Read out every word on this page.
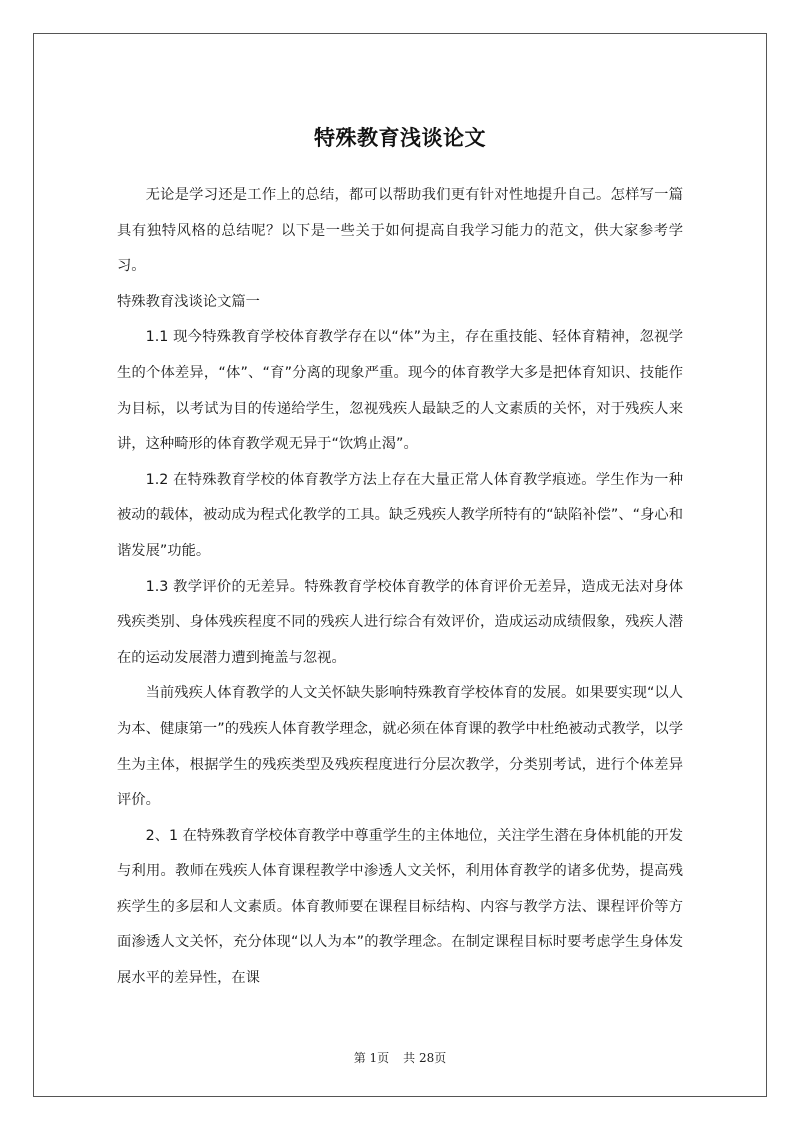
特殊教育浅谈论文

无论是学习还是工作上的总结，都可以帮助我们更有针对性地提升自己。怎样写一篇具有独特风格的总结呢？以下是一些关于如何提高自我学习能力的范文，供大家参考学习。

特殊教育浅谈论文篇一

1.1 现今特殊教育学校体育教学存在以“体”为主，存在重技能、轻体育精神，忽视学生的个体差异，“体”、“育”分离的现象严重。现今的体育教学大多是把体育知识、技能作为目标，以考试为目的传递给学生，忽视残疾人最缺乏的人文素质的关怀，对于残疾人来讲，这种畸形的体育教学观无异于“饮鸩止渴”。

1.2 在特殊教育学校的体育教学方法上存在大量正常人体育教学痕迹。学生作为一种被动的载体，被动成为程式化教学的工具。缺乏残疾人教学所特有的“缺陷补偿”、“身心和谐发展”功能。

1.3 教学评价的无差异。特殊教育学校体育教学的体育评价无差异，造成无法对身体残疾类别、身体残疾程度不同的残疾人进行综合有效评价，造成运动成绩假象，残疾人潜在的运动发展潜力遭到掩盖与忽视。

当前残疾人体育教学的人文关怀缺失影响特殊教育学校体育的发展。如果要实现“以人为本、健康第一”的残疾人体育教学理念，就必须在体育课的教学中杜绝被动式教学，以学生为主体，根据学生的残疾类型及残疾程度进行分层次教学，分类别考试，进行个体差异评价。

2、1 在特殊教育学校体育教学中尊重学生的主体地位，关注学生潜在身体机能的开发与利用。教师在残疾人体育课程教学中渗透人文关怀，利用体育教学的诸多优势，提高残疾学生的多层和人文素质。体育教师要在课程目标结构、内容与教学方法、课程评价等方面渗透人文关怀，充分体现“以人为本”的教学理念。在制定课程目标时要考虑学生身体发展水平的差异性，在课

第 1页 共 28页
